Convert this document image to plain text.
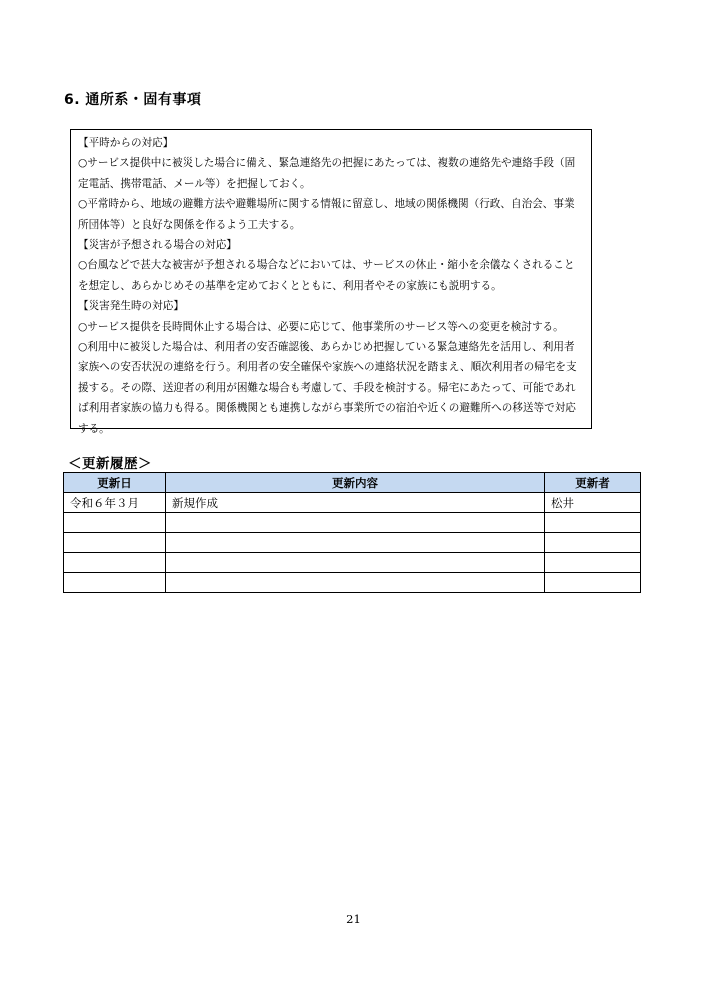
6. 通所系・固有事項

【平時からの対応】

○サービス提供中に被災した場合に備え、緊急連絡先の把握にあたっては、複数の連絡先や連絡手段（固定電話、携帯電話、メール等）を把握しておく。

○平常時から、地域の避難方法や避難場所に関する情報に留意し、地域の関係機関（行政、自治会、事業所団体等）と良好な関係を作るよう工夫する。

【災害が予想される場合の対応】

○台風などで甚大な被害が予想される場合などにおいては、サービスの休止・縮小を余儀なくされることを想定し、あらかじめその基準を定めておくとともに、利用者やその家族にも説明する。

【災害発生時の対応】

○サービス提供を長時間休止する場合は、必要に応じて、他事業所のサービス等への変更を検討する。

○利用中に被災した場合は、利用者の安否確認後、あらかじめ把握している緊急連絡先を活用し、利用者家族への安否状況の連絡を行う。利用者の安全確保や家族への連絡状況を踏まえ、順次利用者の帰宅を支援する。その際、送迎者の利用が困難な場合も考慮して、手段を検討する。帰宅にあたって、可能であれば利用者家族の協力も得る。関係機関とも連携しながら事業所での宿泊や近くの避難所への移送等で対応する。

＜更新履歴＞
更新日	更新内容	更新者
令和６年３月	新規作成	松井

21
